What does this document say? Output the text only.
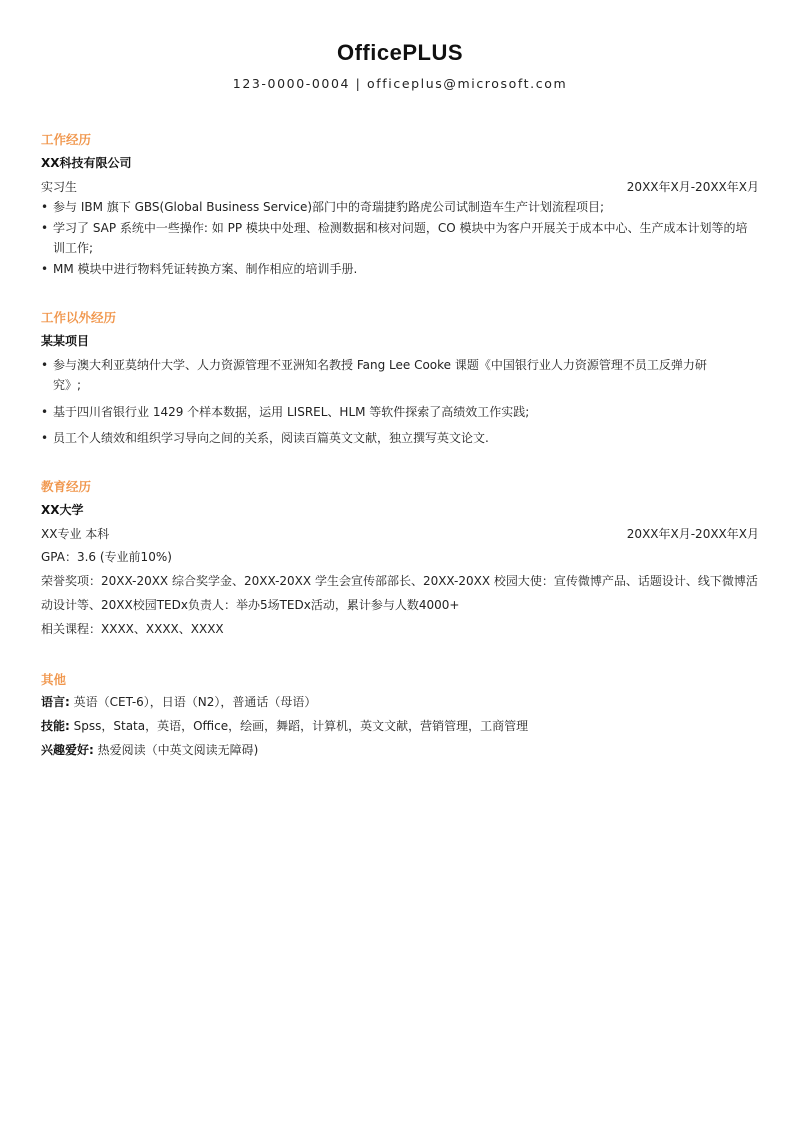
OfficePLUS
123-0000-0004 | officeplus@microsoft.com
工作经历
XX科技有限公司
实习生	20XX年X月-20XX年X月
• 参与 IBM 旗下 GBS(Global Business Service)部门中的奇瑞捷豹路虎公司试制造车生产计划流程项目;
• 学习了 SAP 系统中一些操作: 如 PP 模块中处理、检测数据和核对问题，CO 模块中为客户开展关于成本中心、生产成本计划等的培训工作;
• MM 模块中进行物料凭证转换方案、制作相应的培训手册.
工作以外经历
某某项目
• 参与澳大利亚莫纳什大学、人力资源管理不亚洲知名教授 Fang Lee Cooke 课题《中国银行业人力资源管理不员工反弹力研究》;
• 基于四川省银行业 1429 个样本数据，运用 LISREL、HLM 等软件探索了高绩效工作实践;
• 员工个人绩效和组织学习导向之间的关系，阅读百篇英文文献，独立撰写英文论文.
教育经历
XX大学
XX专业 本科	20XX年X月-20XX年X月
GPA：3.6 (专业前10%)
荣誉奖项：20XX-20XX 综合奖学金、20XX-20XX 学生会宣传部部长、20XX-20XX 校园大使：宣传微博产品、话题设计、线下微博活动设计等、20XX校园TEDx负责人：举办5场TEDx活动，累计参与人数4000+
相关课程：XXXX、XXXX、XXXX
其他
语言: 英语（CET-6），日语（N2），普通话（母语）
技能: Spss，Stata，英语，Office，绘画，舞蹈，计算机，英文文献，营销管理，工商管理
兴趣爱好: 热爱阅读（中英文阅读无障碍)
